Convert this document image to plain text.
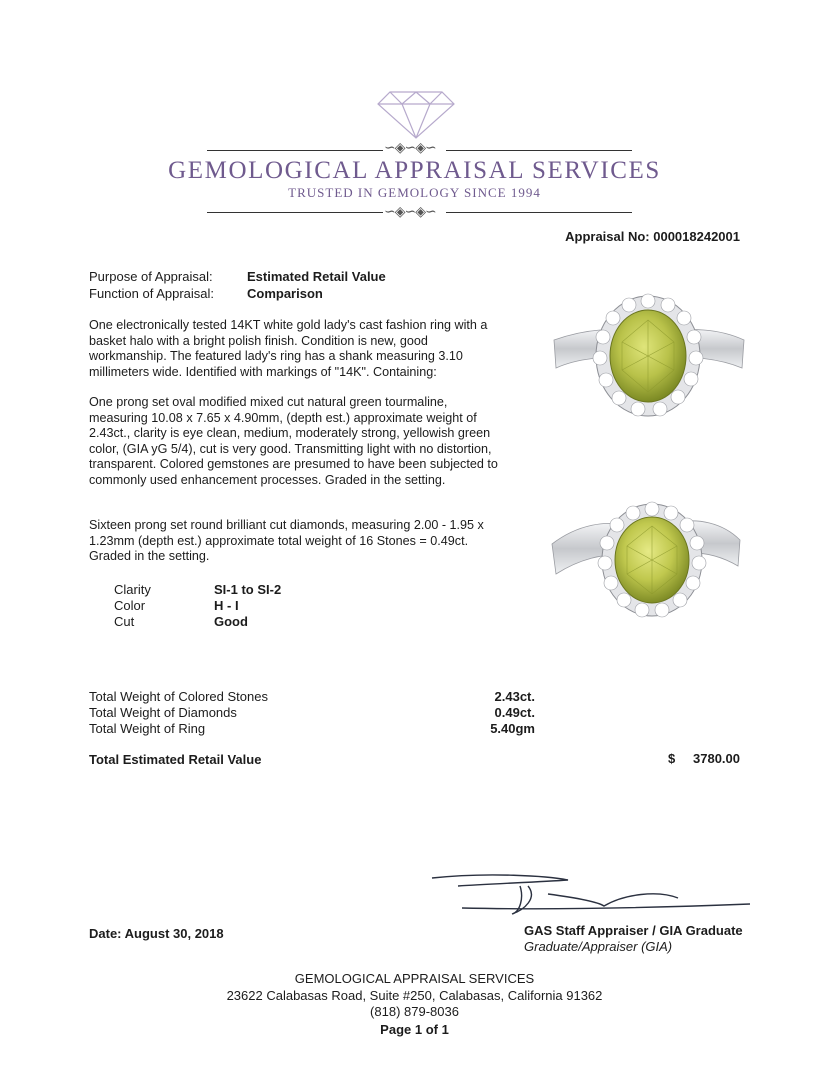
∽◈∽◈∽
GEMOLOGICAL APPRAISAL SERVICES
TRUSTED IN GEMOLOGY SINCE 1994
∽◈∽◈∽
Appraisal No: 000018242001
Purpose of Appraisal:	Estimated Retail Value
Function of Appraisal:	Comparison
One electronically tested 14KT white gold lady's cast fashion ring with a basket halo with a bright polish finish. Condition is new, good workmanship. The featured lady's ring has a shank measuring 3.10 millimeters wide. Identified with markings of "14K". Containing:
One prong set oval modified mixed cut natural green tourmaline, measuring 10.08 x 7.65 x 4.90mm, (depth est.) approximate weight of 2.43ct., clarity is eye clean, medium, moderately strong, yellowish green color, (GIA yG 5/4), cut is very good. Transmitting light with no distortion, transparent. Colored gemstones are presumed to have been subjected to commonly used enhancement processes. Graded in the setting.
Sixteen prong set round brilliant cut diamonds, measuring 2.00 - 1.95 x 1.23mm (depth est.) approximate total weight of 16 Stones = 0.49ct. Graded in the setting.
Clarity	SI-1 to SI-2
Color	H - I
Cut	Good
Total Weight of Colored Stones	2.43ct.
Total Weight of Diamonds	0.49ct.
Total Weight of Ring	5.40gm
Total Estimated Retail Value	$ 3780.00
Date: August 30, 2018	GAS Staff Appraiser / GIA Graduate
Graduate/Appraiser (GIA)
GEMOLOGICAL APPRAISAL SERVICES
23622 Calabasas Road, Suite #250, Calabasas, California 91362
(818) 879-8036
Page 1 of 1
